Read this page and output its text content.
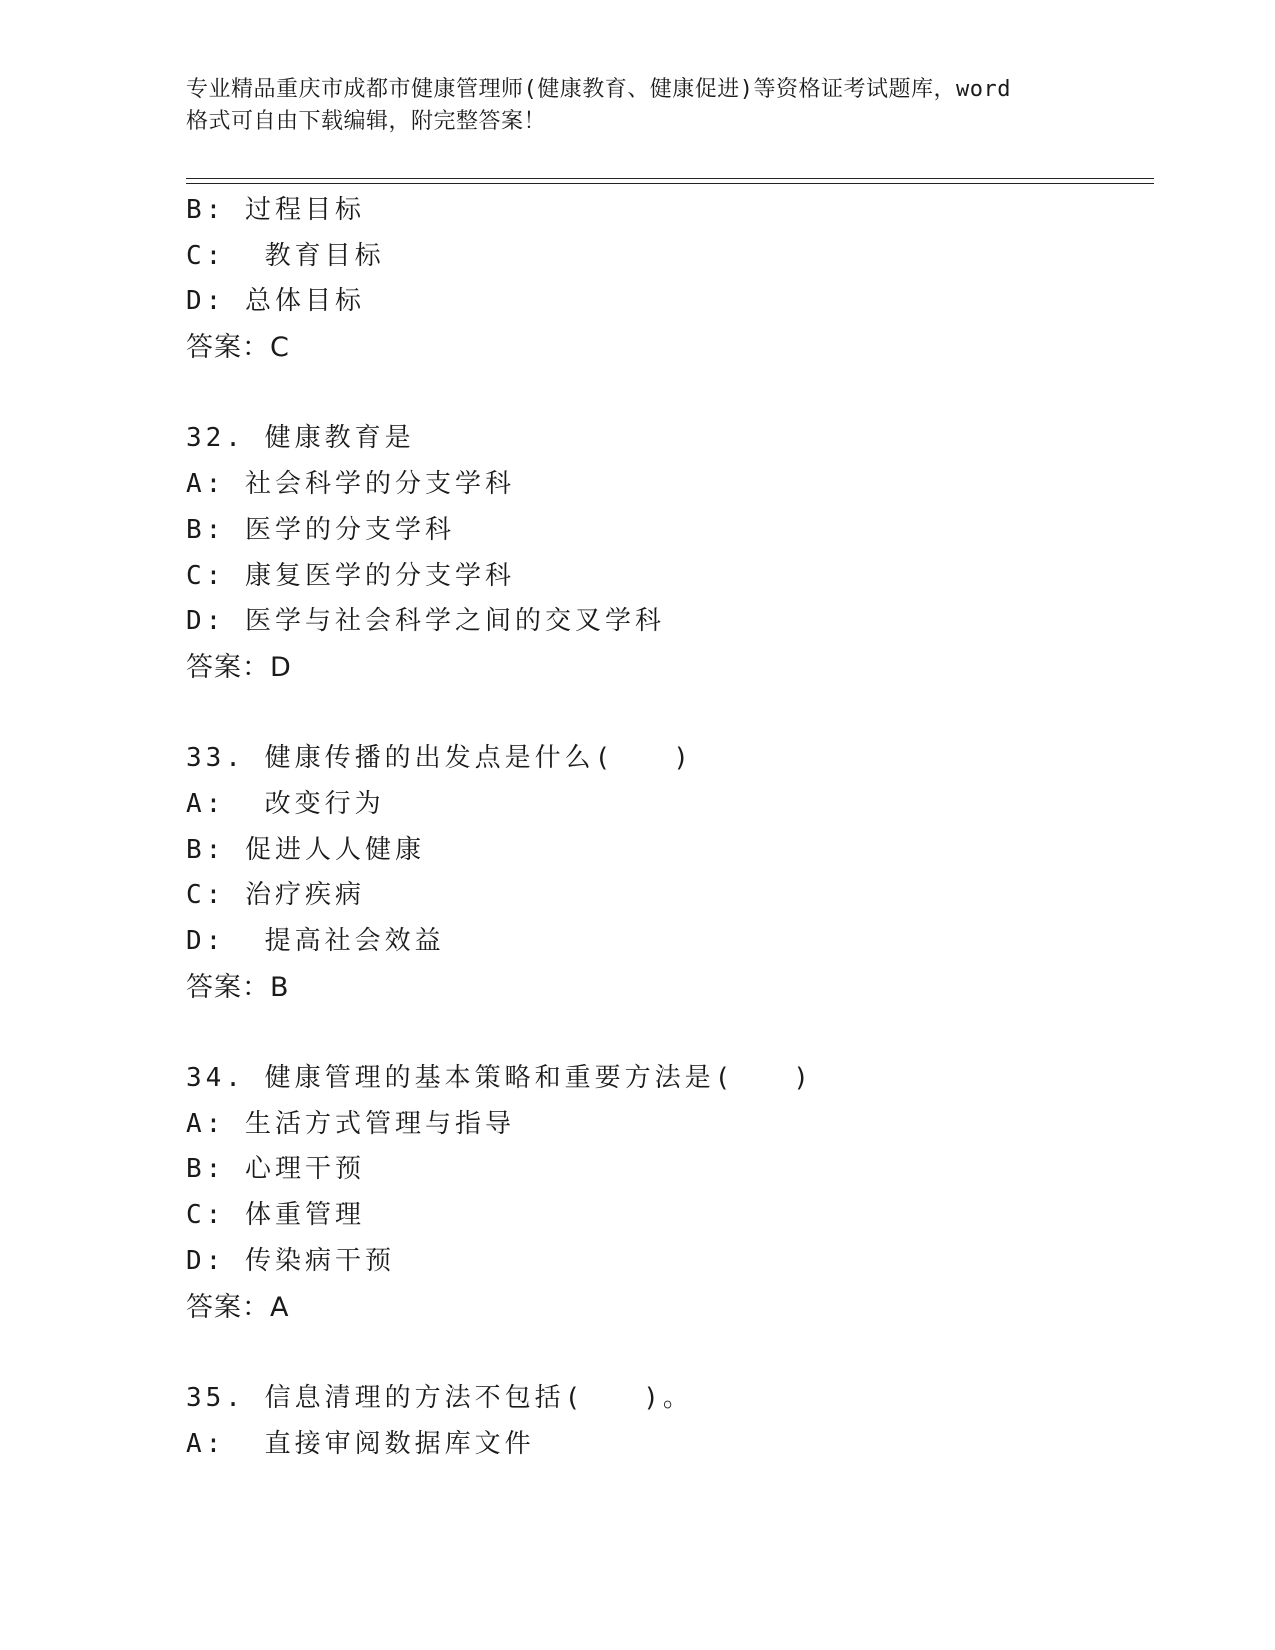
专业精品重庆市成都市健康管理师(健康教育、健康促进)等资格证考试题库，word
格式可自由下载编辑，附完整答案！
B: 过程目标
C:  教育目标
D: 总体目标
答案：C
32. 健康教育是
A: 社会科学的分支学科
B: 医学的分支学科
C: 康复医学的分支学科
D: 医学与社会科学之间的交叉学科
答案：D
33. 健康传播的出发点是什么(   )
A:  改变行为
B: 促进人人健康
C: 治疗疾病
D:  提高社会效益
答案：B
34. 健康管理的基本策略和重要方法是(   )
A: 生活方式管理与指导
B: 心理干预
C: 体重管理
D: 传染病干预
答案：A
35. 信息清理的方法不包括(   )。
A:  直接审阅数据库文件
